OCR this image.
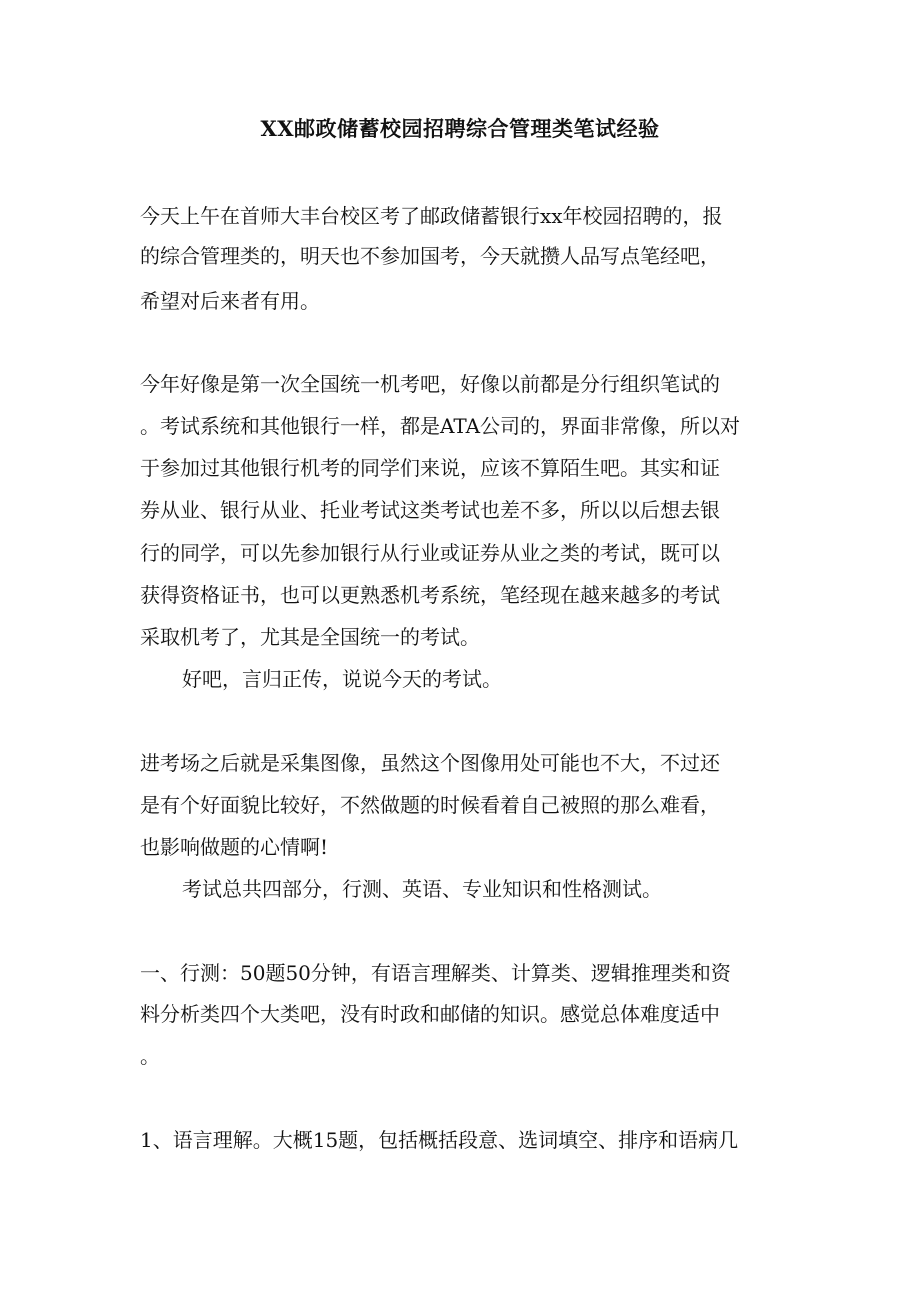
XX邮政储蓄校园招聘综合管理类笔试经验

今天上午在首师大丰台校区考了邮政储蓄银行xx年校园招聘的，报

的综合管理类的，明天也不参加国考，今天就攒人品写点笔经吧，

希望对后来者有用。

今年好像是第一次全国统一机考吧，好像以前都是分行组织笔试的

。考试系统和其他银行一样，都是ATA公司的，界面非常像，所以对

于参加过其他银行机考的同学们来说，应该不算陌生吧。其实和证

券从业、银行从业、托业考试这类考试也差不多，所以以后想去银

行的同学，可以先参加银行从行业或证券从业之类的考试，既可以

获得资格证书，也可以更熟悉机考系统，笔经现在越来越多的考试

采取机考了，尤其是全国统一的考试。

好吧，言归正传，说说今天的考试。

进考场之后就是采集图像，虽然这个图像用处可能也不大，不过还

是有个好面貌比较好，不然做题的时候看着自己被照的那么难看，

也影响做题的心情啊!

考试总共四部分，行测、英语、专业知识和性格测试。

一、行测：50题50分钟，有语言理解类、计算类、逻辑推理类和资

料分析类四个大类吧，没有时政和邮储的知识。感觉总体难度适中

。

1、语言理解。大概15题，包括概括段意、选词填空、排序和语病几
